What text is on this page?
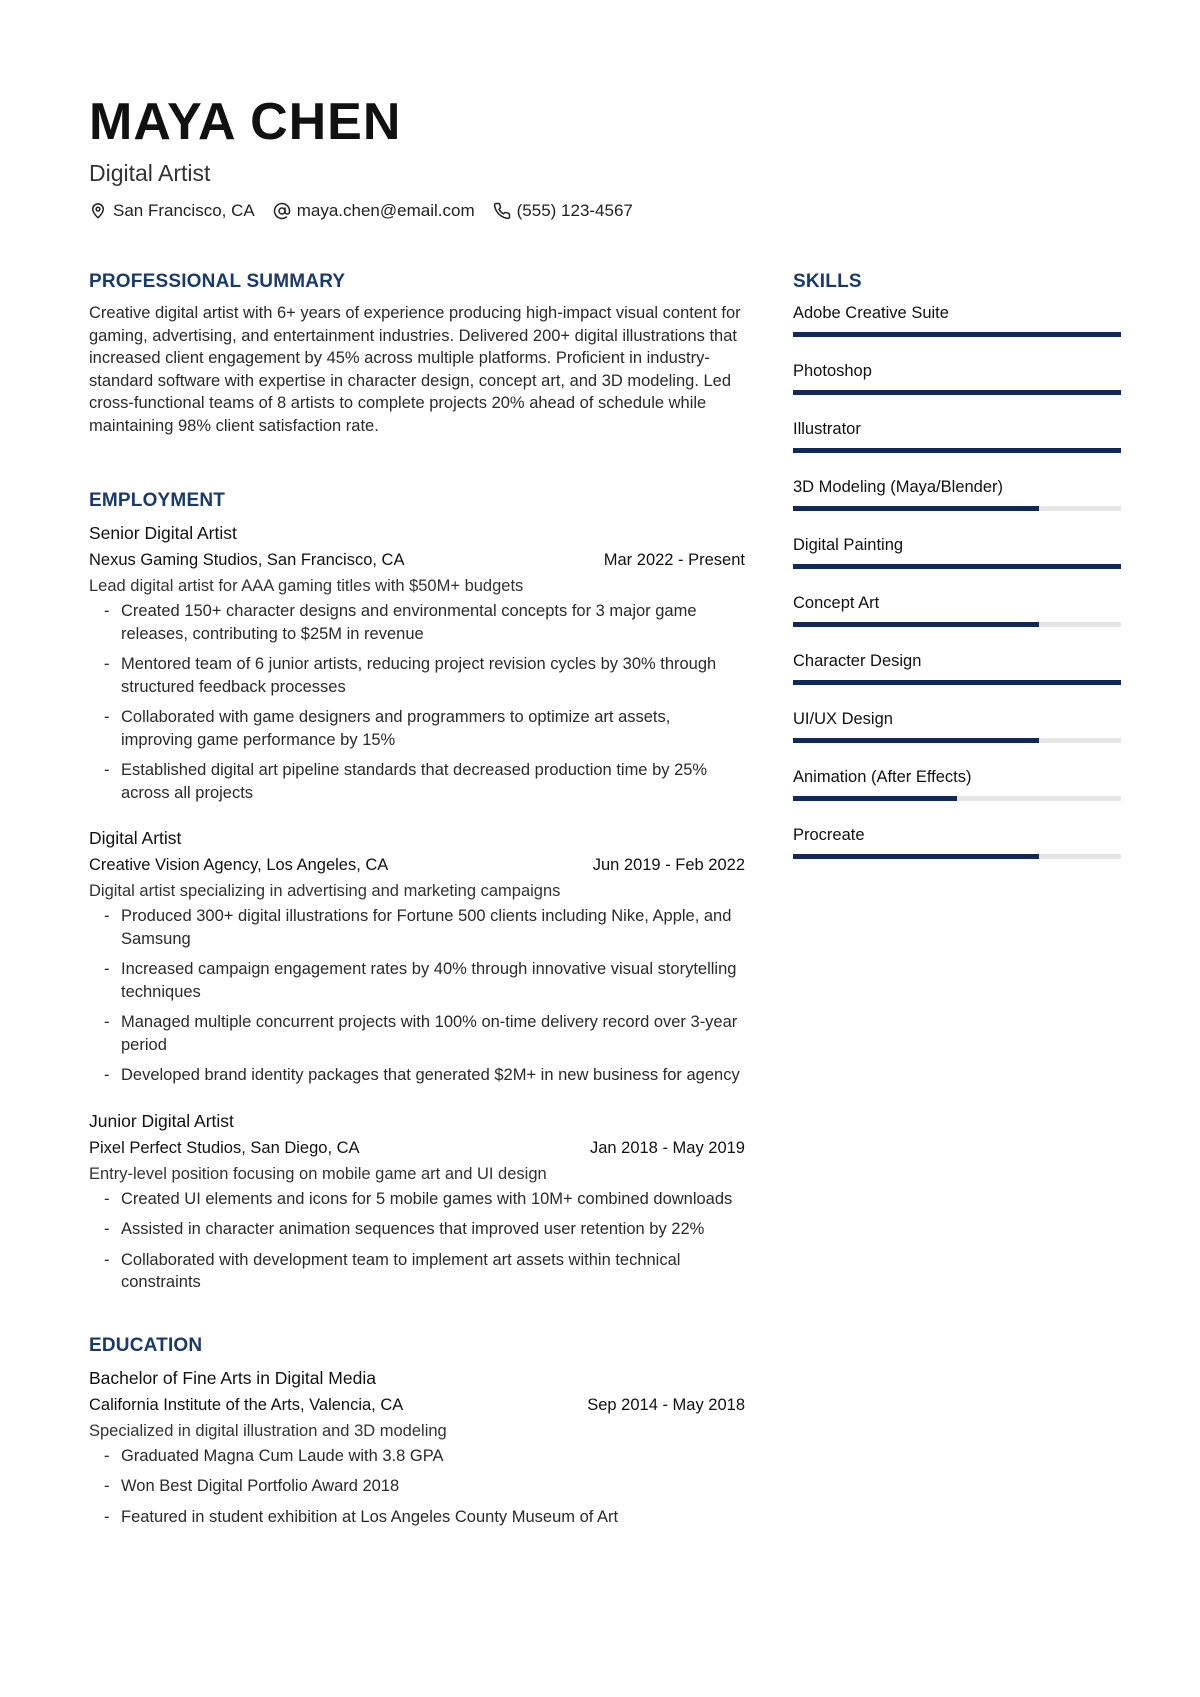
MAYA CHEN
Digital Artist
San Francisco, CA maya.chen@email.com (555) 123-4567
PROFESSIONAL SUMMARY

Creative digital artist with 6+ years of experience producing high-impact visual content for gaming, advertising, and entertainment industries. Delivered 200+ digital illustrations that increased client engagement by 45% across multiple platforms. Proficient in industry-standard software with expertise in character design, concept art, and 3D modeling. Led cross-functional teams of 8 artists to complete projects 20% ahead of schedule while maintaining 98% client satisfaction rate.

EMPLOYMENT
Senior Digital Artist
Nexus Gaming Studios, San Francisco, CA	Mar 2022 - Present
Lead digital artist for AAA gaming titles with $50M+ budgets
- Created 150+ character designs and environmental concepts for 3 major game releases, contributing to $25M in revenue
- Mentored team of 6 junior artists, reducing project revision cycles by 30% through structured feedback processes
- Collaborated with game designers and programmers to optimize art assets, improving game performance by 15%
- Established digital art pipeline standards that decreased production time by 25% across all projects
Digital Artist
Creative Vision Agency, Los Angeles, CA	Jun 2019 - Feb 2022
Digital artist specializing in advertising and marketing campaigns
- Produced 300+ digital illustrations for Fortune 500 clients including Nike, Apple, and Samsung
- Increased campaign engagement rates by 40% through innovative visual storytelling techniques
- Managed multiple concurrent projects with 100% on-time delivery record over 3-year period
- Developed brand identity packages that generated $2M+ in new business for agency
Junior Digital Artist
Pixel Perfect Studios, San Diego, CA	Jan 2018 - May 2019
Entry-level position focusing on mobile game art and UI design
- Created UI elements and icons for 5 mobile games with 10M+ combined downloads
- Assisted in character animation sequences that improved user retention by 22%
- Collaborated with development team to implement art assets within technical constraints
EDUCATION
Bachelor of Fine Arts in Digital Media
California Institute of the Arts, Valencia, CA	Sep 2014 - May 2018
Specialized in digital illustration and 3D modeling
- Graduated Magna Cum Laude with 3.8 GPA
- Won Best Digital Portfolio Award 2018
- Featured in student exhibition at Los Angeles County Museum of Art
SKILLS
Adobe Creative Suite
Photoshop
Illustrator
3D Modeling (Maya/Blender)
Digital Painting
Concept Art
Character Design
UI/UX Design
Animation (After Effects)
Procreate
